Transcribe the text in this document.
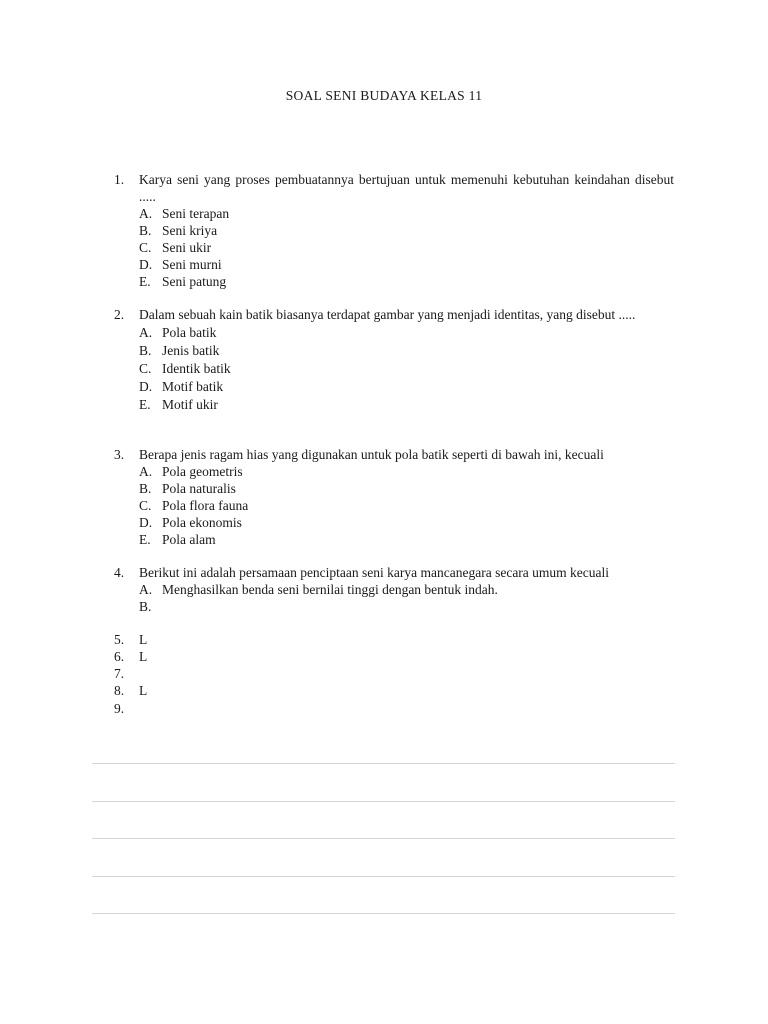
SOAL SENI BUDAYA KELAS 11
1.	Karya seni yang proses pembuatannya bertujuan untuk memenuhi kebutuhan keindahan disebut .....
A. Seni terapan
B. Seni kriya
C. Seni ukir
D. Seni murni
E. Seni patung
2.	Dalam sebuah kain batik biasanya terdapat gambar yang menjadi identitas, yang disebut .....
A. Pola batik
B. Jenis batik
C. Identik batik
D. Motif batik
E. Motif ukir
3.	Berapa jenis ragam hias yang digunakan untuk pola batik seperti di bawah ini, kecuali
A. Pola geometris
B. Pola naturalis
C. Pola flora fauna
D. Pola ekonomis
E. Pola alam
4.	Berikut ini adalah persamaan penciptaan seni karya mancanegara secara umum kecuali
A. Menghasilkan benda seni bernilai tinggi dengan bentuk indah.
B.
5. L
6. L
7.
8. L
9.
